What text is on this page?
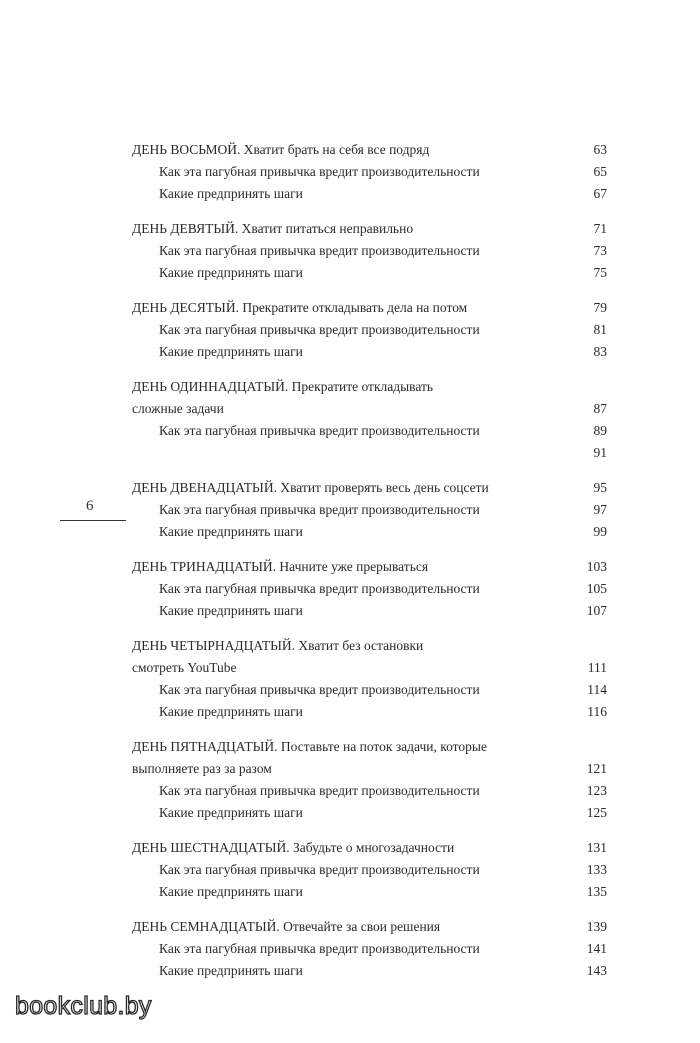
6
ДЕНЬ ВОСЬМОЙ. Хватит брать на себя все подряд	63
Как эта пагубная привычка вредит производительности	65
Какие предпринять шаги	67
ДЕНЬ ДЕВЯТЫЙ. Хватит питаться неправильно	71
Как эта пагубная привычка вредит производительности	73
Какие предпринять шаги	75
ДЕНЬ ДЕСЯТЫЙ. Прекратите откладывать дела на потом	79
Как эта пагубная привычка вредит производительности	81
Какие предпринять шаги	83
ДЕНЬ ОДИННАДЦАТЫЙ. Прекратите откладывать
сложные задачи	87
Как эта пагубная привычка вредит производительности	89
91
ДЕНЬ ДВЕНАДЦАТЫЙ. Хватит проверять весь день соцсети	95
Как эта пагубная привычка вредит производительности	97
Какие предпринять шаги	99
ДЕНЬ ТРИНАДЦАТЫЙ. Начните уже прерываться	103
Как эта пагубная привычка вредит производительности	105
Какие предпринять шаги	107
ДЕНЬ ЧЕТЫРНАДЦАТЫЙ. Хватит без остановки
смотреть YouTube	111
Как эта пагубная привычка вредит производительности	114
Какие предпринять шаги	116
ДЕНЬ ПЯТНАДЦАТЫЙ. Поставьте на поток задачи, которые
выполняете раз за разом	121
Как эта пагубная привычка вредит производительности	123
Какие предпринять шаги	125
ДЕНЬ ШЕСТНАДЦАТЫЙ. Забудьте о многозадачности	131
Как эта пагубная привычка вредит производительности	133
Какие предпринять шаги	135
ДЕНЬ СЕМНАДЦАТЫЙ. Отвечайте за свои решения	139
Как эта пагубная привычка вредит производительности	141
Какие предпринять шаги	143
bookclub.by
